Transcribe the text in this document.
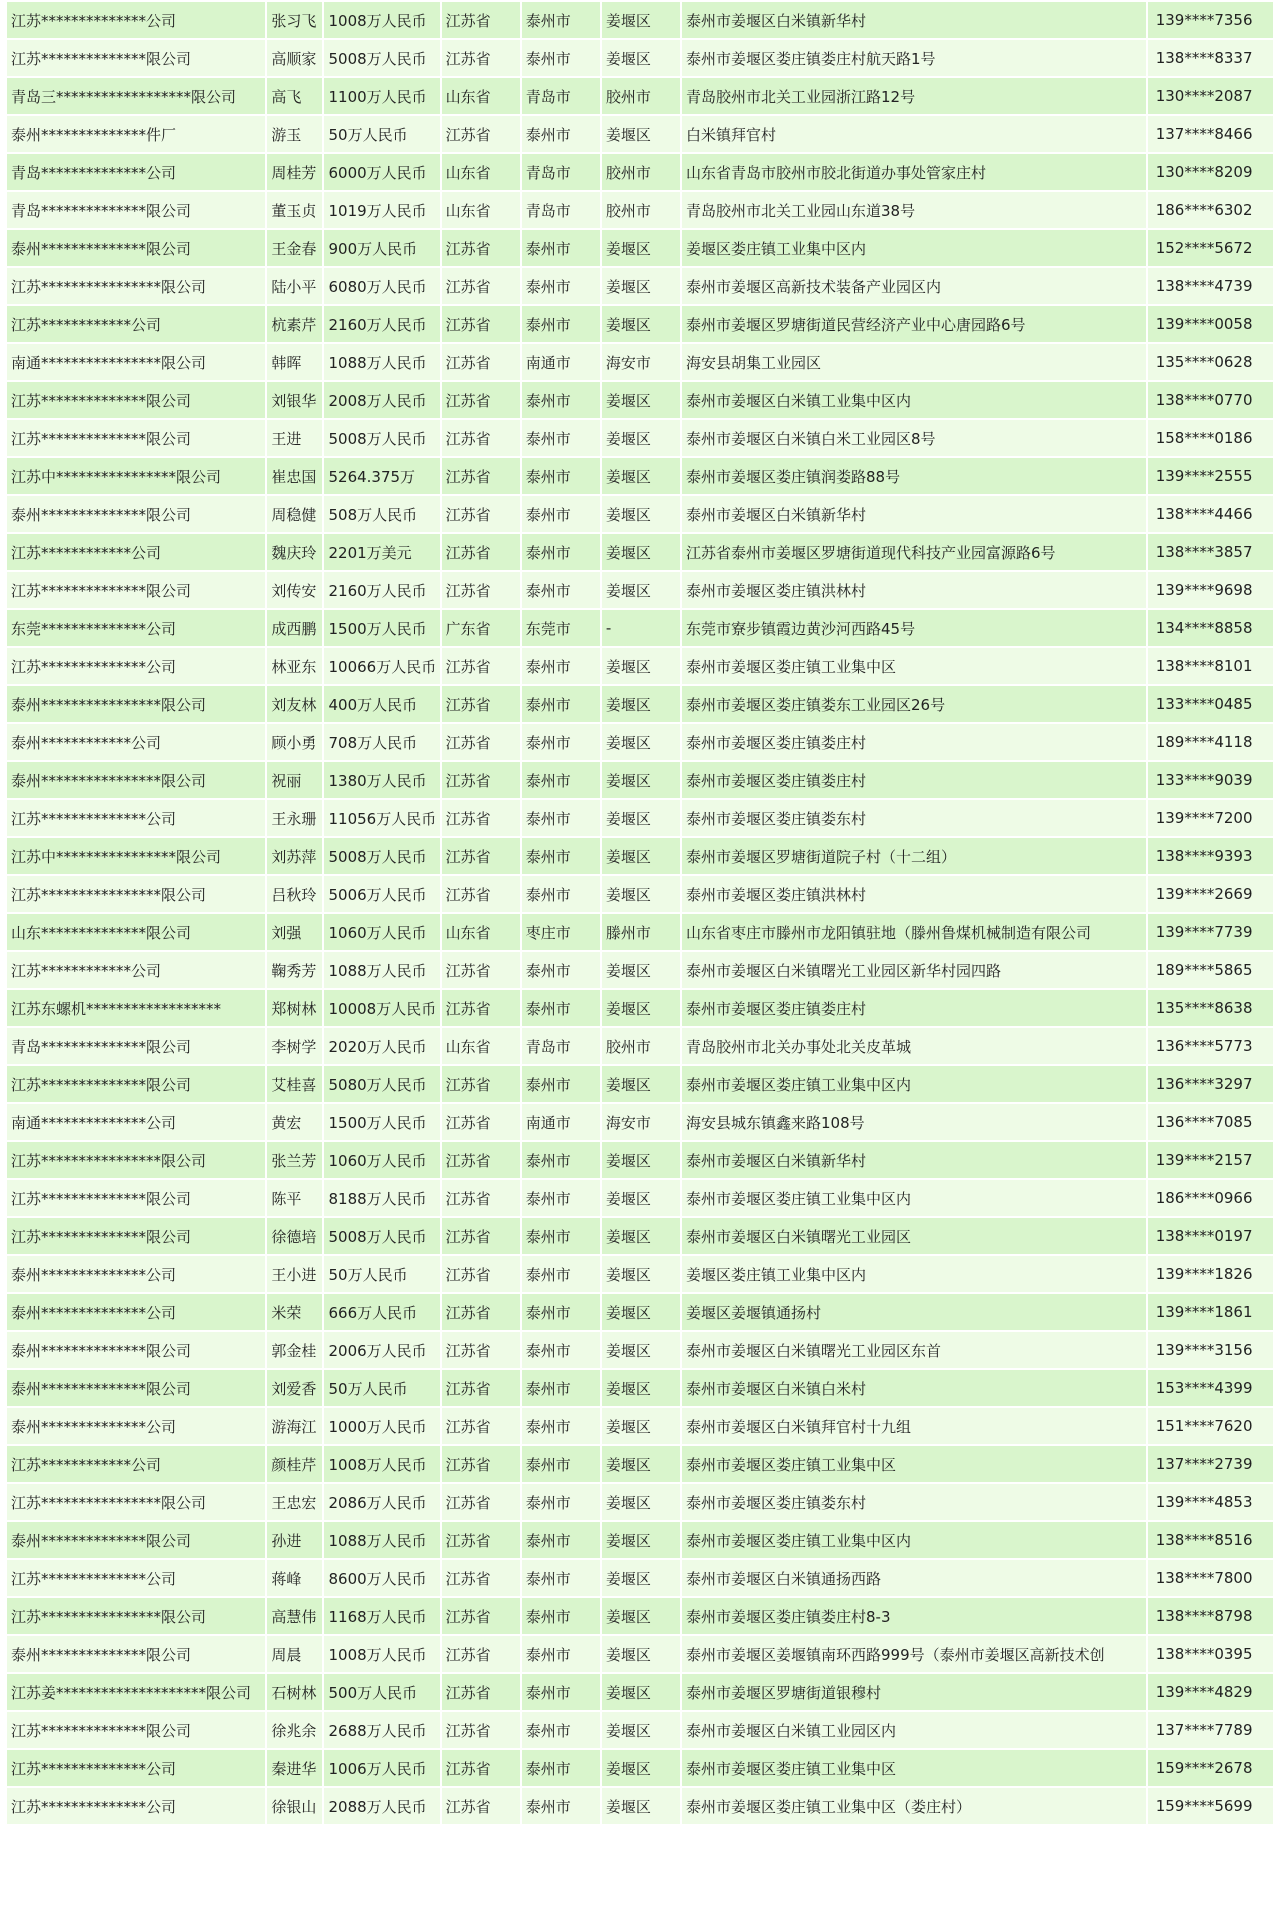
江苏**************公司	张习飞	1008万人民币	江苏省	泰州市	姜堰区	泰州市姜堰区白米镇新华村	139****7356
江苏**************限公司	高顺家	5008万人民币	江苏省	泰州市	姜堰区	泰州市姜堰区娄庄镇娄庄村航天路1号	138****8337
青岛三******************限公司	高飞	1100万人民币	山东省	青岛市	胶州市	青岛胶州市北关工业园浙江路12号	130****2087
泰州**************件厂	游玉	50万人民币	江苏省	泰州市	姜堰区	白米镇拜官村	137****8466
青岛**************公司	周桂芳	6000万人民币	山东省	青岛市	胶州市	山东省青岛市胶州市胶北街道办事处管家庄村	130****8209
青岛**************限公司	董玉贞	1019万人民币	山东省	青岛市	胶州市	青岛胶州市北关工业园山东道38号	186****6302
泰州**************限公司	王金春	900万人民币	江苏省	泰州市	姜堰区	姜堰区娄庄镇工业集中区内	152****5672
江苏****************限公司	陆小平	6080万人民币	江苏省	泰州市	姜堰区	泰州市姜堰区高新技术装备产业园区内	138****4739
江苏************公司	杭素芹	2160万人民币	江苏省	泰州市	姜堰区	泰州市姜堰区罗塘街道民营经济产业中心唐园路6号	139****0058
南通****************限公司	韩晖	1088万人民币	江苏省	南通市	海安市	海安县胡集工业园区	135****0628
江苏**************限公司	刘银华	2008万人民币	江苏省	泰州市	姜堰区	泰州市姜堰区白米镇工业集中区内	138****0770
江苏**************限公司	王进	5008万人民币	江苏省	泰州市	姜堰区	泰州市姜堰区白米镇白米工业园区8号	158****0186
江苏中****************限公司	崔忠国	5264.375万	江苏省	泰州市	姜堰区	泰州市姜堰区娄庄镇润娄路88号	139****2555
泰州**************限公司	周稳健	508万人民币	江苏省	泰州市	姜堰区	泰州市姜堰区白米镇新华村	138****4466
江苏************公司	魏庆玲	2201万美元	江苏省	泰州市	姜堰区	江苏省泰州市姜堰区罗塘街道现代科技产业园富源路6号	138****3857
江苏**************限公司	刘传安	2160万人民币	江苏省	泰州市	姜堰区	泰州市姜堰区娄庄镇洪林村	139****9698
东莞**************公司	成西鹏	1500万人民币	广东省	东莞市	-	东莞市寮步镇霞边黄沙河西路45号	134****8858
江苏**************公司	林亚东	10066万人民币	江苏省	泰州市	姜堰区	泰州市姜堰区娄庄镇工业集中区	138****8101
泰州****************限公司	刘友林	400万人民币	江苏省	泰州市	姜堰区	泰州市姜堰区娄庄镇娄东工业园区26号	133****0485
泰州************公司	顾小勇	708万人民币	江苏省	泰州市	姜堰区	泰州市姜堰区娄庄镇娄庄村	189****4118
泰州****************限公司	祝丽	1380万人民币	江苏省	泰州市	姜堰区	泰州市姜堰区娄庄镇娄庄村	133****9039
江苏**************公司	王永珊	11056万人民币	江苏省	泰州市	姜堰区	泰州市姜堰区娄庄镇娄东村	139****7200
江苏中****************限公司	刘苏萍	5008万人民币	江苏省	泰州市	姜堰区	泰州市姜堰区罗塘街道院子村（十二组）	138****9393
江苏****************限公司	吕秋玲	5006万人民币	江苏省	泰州市	姜堰区	泰州市姜堰区娄庄镇洪林村	139****2669
山东**************限公司	刘强	1060万人民币	山东省	枣庄市	滕州市	山东省枣庄市滕州市龙阳镇驻地（滕州鲁煤机械制造有限公司	139****7739
江苏************公司	鞠秀芳	1088万人民币	江苏省	泰州市	姜堰区	泰州市姜堰区白米镇曙光工业园区新华村园四路	189****5865
江苏东螺机******************	郑树林	10008万人民币	江苏省	泰州市	姜堰区	泰州市姜堰区娄庄镇娄庄村	135****8638
青岛**************限公司	李树学	2020万人民币	山东省	青岛市	胶州市	青岛胶州市北关办事处北关皮革城	136****5773
江苏**************限公司	艾桂喜	5080万人民币	江苏省	泰州市	姜堰区	泰州市姜堰区娄庄镇工业集中区内	136****3297
南通**************公司	黄宏	1500万人民币	江苏省	南通市	海安市	海安县城东镇鑫来路108号	136****7085
江苏****************限公司	张兰芳	1060万人民币	江苏省	泰州市	姜堰区	泰州市姜堰区白米镇新华村	139****2157
江苏**************限公司	陈平	8188万人民币	江苏省	泰州市	姜堰区	泰州市姜堰区娄庄镇工业集中区内	186****0966
江苏**************限公司	徐德培	5008万人民币	江苏省	泰州市	姜堰区	泰州市姜堰区白米镇曙光工业园区	138****0197
泰州**************公司	王小进	50万人民币	江苏省	泰州市	姜堰区	姜堰区娄庄镇工业集中区内	139****1826
泰州**************公司	米荣	666万人民币	江苏省	泰州市	姜堰区	姜堰区姜堰镇通扬村	139****1861
泰州**************限公司	郭金桂	2006万人民币	江苏省	泰州市	姜堰区	泰州市姜堰区白米镇曙光工业园区东首	139****3156
泰州**************限公司	刘爱香	50万人民币	江苏省	泰州市	姜堰区	泰州市姜堰区白米镇白米村	153****4399
泰州**************公司	游海江	1000万人民币	江苏省	泰州市	姜堰区	泰州市姜堰区白米镇拜官村十九组	151****7620
江苏************公司	颜桂芹	1008万人民币	江苏省	泰州市	姜堰区	泰州市姜堰区娄庄镇工业集中区	137****2739
江苏****************限公司	王忠宏	2086万人民币	江苏省	泰州市	姜堰区	泰州市姜堰区娄庄镇娄东村	139****4853
泰州**************限公司	孙进	1088万人民币	江苏省	泰州市	姜堰区	泰州市姜堰区娄庄镇工业集中区内	138****8516
江苏**************公司	蒋峰	8600万人民币	江苏省	泰州市	姜堰区	泰州市姜堰区白米镇通扬西路	138****7800
江苏****************限公司	高慧伟	1168万人民币	江苏省	泰州市	姜堰区	泰州市姜堰区娄庄镇娄庄村8-3	138****8798
泰州**************限公司	周晨	1008万人民币	江苏省	泰州市	姜堰区	泰州市姜堰区姜堰镇南环西路999号（泰州市姜堰区高新技术创	138****0395
江苏姜********************限公司	石树林	500万人民币	江苏省	泰州市	姜堰区	泰州市姜堰区罗塘街道银穆村	139****4829
江苏**************限公司	徐兆余	2688万人民币	江苏省	泰州市	姜堰区	泰州市姜堰区白米镇工业园区内	137****7789
江苏**************公司	秦进华	1006万人民币	江苏省	泰州市	姜堰区	泰州市姜堰区娄庄镇工业集中区	159****2678
江苏**************公司	徐银山	2088万人民币	江苏省	泰州市	姜堰区	泰州市姜堰区娄庄镇工业集中区（娄庄村）	159****5699
